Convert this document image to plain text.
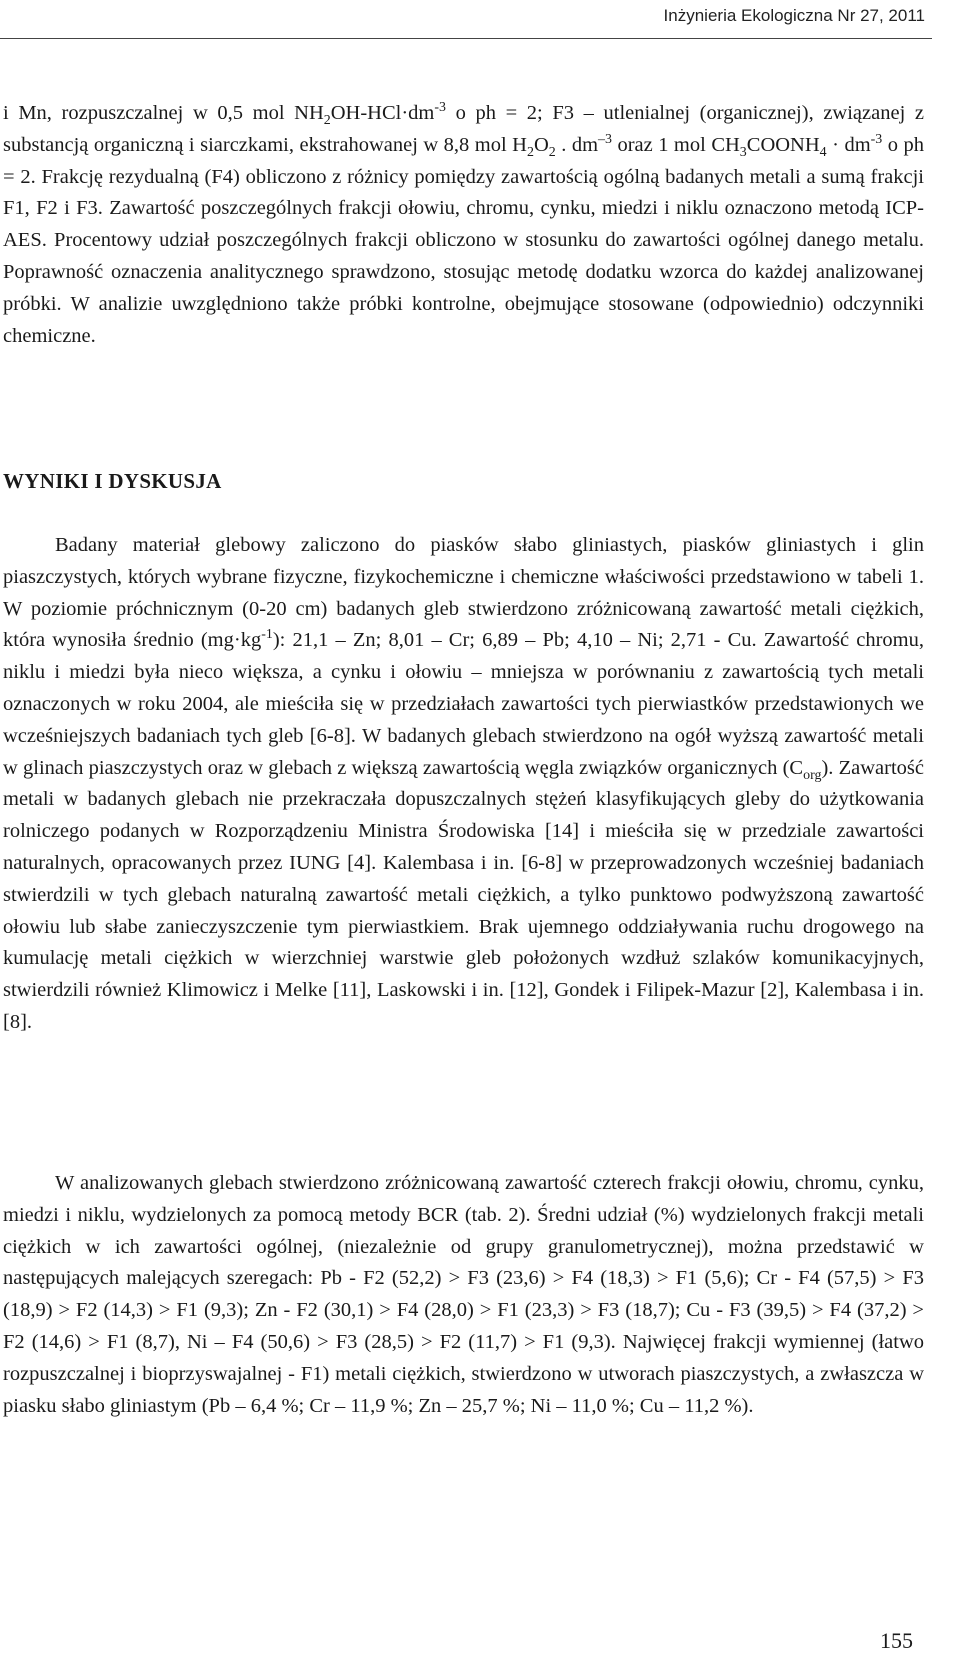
Inżynieria Ekologiczna Nr 27, 2011

i Mn, rozpuszczalnej w 0,5 mol $NH_2OH-HCl\cdot dm^{-3}$ o ph = 2; F3 – utlenialnej (organicznej), związanej z substancją organiczną i siarczkami, ekstrahowanej w 8,8 mol $H_2O_2$ . $dm^{-3}$ oraz 1 mol $CH_3COONH_4 \cdot dm^{-3}$ o ph = 2. Frakcję rezydualną (F4) obliczono z różnicy pomiędzy zawartością ogólną badanych metali a sumą frakcji F1, F2 i F3. Zawartość poszczególnych frakcji ołowiu, chromu, cynku, miedzi i niklu oznaczono metodą ICP-AES. Procentowy udział poszczególnych frakcji obliczono w stosunku do zawartości ogólnej danego metalu. Poprawność oznaczenia analitycznego sprawdzono, stosując metodę dodatku wzorca do każdej analizowanej próbki. W analizie uwzględniono także próbki kontrolne, obejmujące stosowane (odpowiednio) odczynniki chemiczne.

WYNIKI I DYSKUSJA

Badany materiał glebowy zaliczono do piasków słabo gliniastych, piasków gliniastych i glin piaszczystych, których wybrane fizyczne, fizykochemiczne i chemiczne właściwości przedstawiono w tabeli 1. W poziomie próchnicznym (0-20 cm) badanych gleb stwierdzono zróżnicowaną zawartość metali ciężkich, która wynosiła średnio $(mg\cdot kg^{-1})$: 21,1 – Zn; 8,01 – Cr; 6,89 – Pb; 4,10 – Ni; 2,71 - Cu. Zawartość chromu, niklu i miedzi była nieco większa, a cynku i ołowiu – mniejsza w porównaniu z zawartością tych metali oznaczonych w roku 2004, ale mieściła się w przedziałach zawartości tych pierwiastków przedstawionych we wcześniejszych badaniach tych gleb [6-8]. W badanych glebach stwierdzono na ogół wyższą zawartość metali w glinach piaszczystych oraz w glebach z większą zawartością węgla związków organicznych $(C_{org})$. Zawartość metali w badanych glebach nie przekraczała dopuszczalnych stężeń klasyfikujących gleby do użytkowania rolniczego podanych w Rozporządzeniu Ministra Środowiska [14] i mieściła się w przedziale zawartości naturalnych, opracowanych przez IUNG [4]. Kalembasa i in. [6-8] w przeprowadzonych wcześniej badaniach stwierdzili w tych glebach naturalną zawartość metali ciężkich, a tylko punktowo podwyższoną zawartość ołowiu lub słabe zanieczyszczenie tym pierwiastkiem. Brak ujemnego oddziaływania ruchu drogowego na kumulację metali ciężkich w wierzchniej warstwie gleb położonych wzdłuż szlaków komunikacyjnych, stwierdzili również Klimowicz i Melke [11], Laskowski i in. [12], Gondek i Filipek-Mazur [2], Kalembasa i in. [8].

W analizowanych glebach stwierdzono zróżnicowaną zawartość czterech frakcji ołowiu, chromu, cynku, miedzi i niklu, wydzielonych za pomocą metody BCR (tab. 2). Średni udział (%) wydzielonych frakcji metali ciężkich w ich zawartości ogólnej, (niezależnie od grupy granulometrycznej), można przedstawić w następujących malejących szeregach: Pb - F2 (52,2) > F3 (23,6) > F4 (18,3) > F1 (5,6); Cr - F4 (57,5) > F3 (18,9) > F2 (14,3) > F1 (9,3); Zn - F2 (30,1) > F4 (28,0) > F1 (23,3) > F3 (18,7); Cu - F3 (39,5) > F4 (37,2) > F2 (14,6) > F1 (8,7), Ni – F4 (50,6) > F3 (28,5) > F2 (11,7) > F1 (9,3). Najwięcej frakcji wymiennej (łatwo rozpuszczalnej i bioprzyswajalnej - F1) metali ciężkich, stwierdzono w utworach piaszczystych, a zwłaszcza w piasku słabo gliniastym (Pb – 6,4 %; Cr – 11,9 %; Zn – 25,7 %; Ni – 11,0 %; Cu – 11,2 %).

155
